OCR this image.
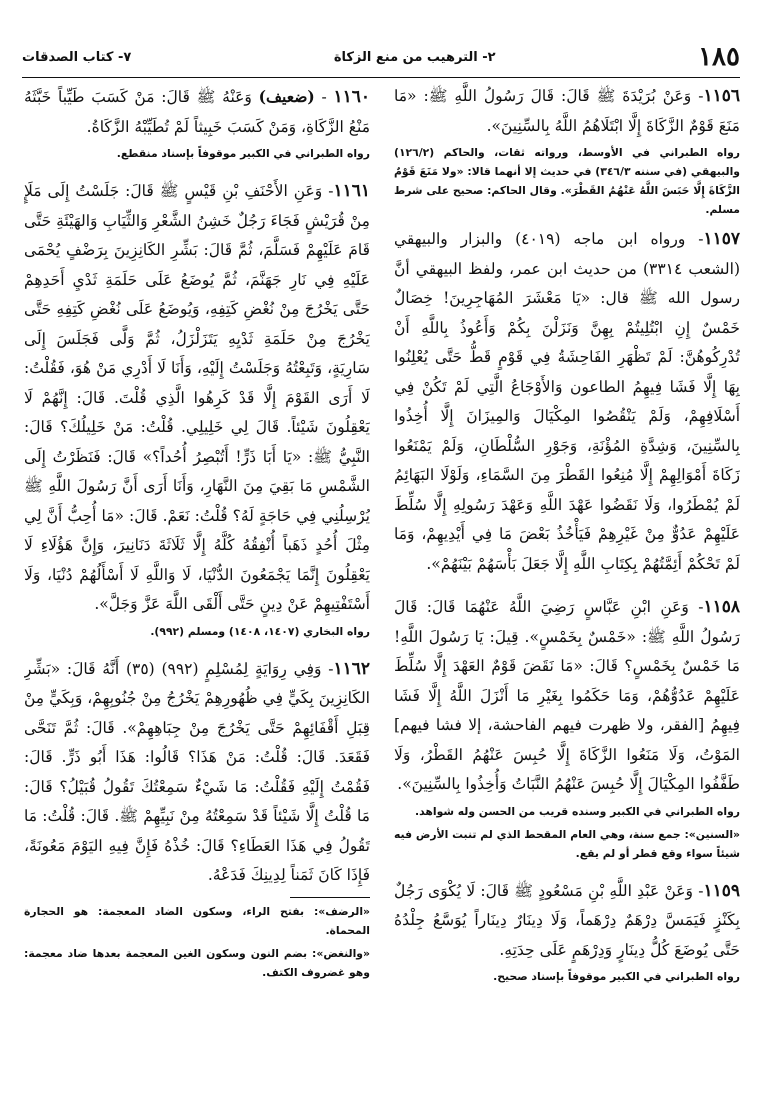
١٨٥
٢- الترهيب من منع الزكاة
٧- كتاب الصدقات

١١٥٦- وَعَنْ بُرَيْدَةَ ﷺ قَالَ: قَالَ رَسُولُ اللَّهِ ﷺ: «مَا مَنَعَ قَوْمٌ الزَّكَاةَ إِلَّا ابْتَلَاهُمُ اللَّهُ بِالسِّنِينَ».

رواه الطبراني في الأوسط، ورواته ثقات، والحاكم (١٢٦/٢) والبيهقي (في سننه ٣٤٦/٣) في حديث إلا أنهما قالا: «ولا مَنَعَ قَوْمٌ الزَّكَاةَ إِلَّا حَبَسَ اللَّهُ عَنْهُمُ القَطْرَ». وقال الحاكم: صحيح على شرط مسلم.

١١٥٧- ورواه ابن ماجه (٤٠١٩) والبزار والبيهقي (الشعب ٣٣١٤) من حديث ابن عمر، ولفظ البيهقي أنَّ رسول الله ﷺ قال: «يَا مَعْشَرَ المُهَاجِرِينَ! خِصَالٌ خَمْسٌ إِنِ ابْتُلِيتُمْ بِهِنَّ وَنَزَلْنَ بِكُمْ وَأَعُوذُ بِاللَّهِ أَنْ تُدْرِكُوهُنَّ: لَمْ تَظْهَرِ الفَاحِشَةُ فِي قَوْمٍ قَطُّ حَتَّى يُعْلِنُوا بِهَا إِلَّا فَشَا فِيهِمُ الطاعون وَالأَوْجَاعُ الَّتِي لَمْ تَكُنْ فِي أَسْلَافِهِمْ، وَلَمْ يَنْقُصُوا المِكْيَالَ وَالمِيزَانَ إِلَّا أُخِذُوا بِالسِّنِينَ، وَشِدَّةِ المُؤْنَةِ، وَجَوْرِ السُّلْطَانِ، وَلَمْ يَمْنَعُوا زَكَاةَ أَمْوَالِهِمْ إِلَّا مُنِعُوا القَطْرَ مِنَ السَّمَاءِ، وَلَوْلَا البَهَائِمُ لَمْ يُمْطَرُوا، وَلَا نَقَضُوا عَهْدَ اللَّهِ وَعَهْدَ رَسُولِهِ إِلَّا سُلِّطَ عَلَيْهِمْ عَدُوٌّ مِنْ غَيْرِهِمْ فَيَأْخُذُ بَعْضَ مَا فِي أَيْدِيهِمْ، وَمَا لَمْ تَحْكُمْ أَئِمَّتُهُمْ بِكِتَابِ اللَّهِ إِلَّا جَعَلَ بَأْسَهُمْ بَيْنَهُمْ».

١١٥٨- وَعَنِ ابْنِ عَبَّاسٍ رَضِيَ اللَّهُ عَنْهُمَا قَالَ: قَالَ رَسُولُ اللَّهِ ﷺ: «خَمْسٌ بِخَمْسٍ». قِيلَ: يَا رَسُولَ اللَّهِ! مَا خَمْسٌ بِخَمْسٍ؟ قَالَ: «مَا نَقَضَ قَوْمٌ العَهْدَ إِلَّا سُلِّطَ عَلَيْهِمْ عَدُوُّهُمْ، وَمَا حَكَمُوا بِغَيْرِ مَا أَنْزَلَ اللَّهُ إِلَّا فَشَا فِيهِمُ [الفقر، ولا ظهرت فيهم الفاحشة، إلا فشا فيهم] المَوْتُ، وَلَا مَنَعُوا الزَّكَاةَ إِلَّا حُبِسَ عَنْهُمُ القَطْرُ، وَلَا طَفَّفُوا المِكْيَالَ إِلَّا حُبِسَ عَنْهُمُ النَّبَاتُ وَأُخِذُوا بِالسِّنِينَ».

رواه الطبراني في الكبير وسنده قريب من الحسن وله شواهد.

«السنين»: جمع سنة، وهي العام المقحط الذي لم تنبت الأرض فيه شيئاً سواء وقع قطر أو لم يقع.

١١٥٩- وَعَنْ عَبْدِ اللَّهِ بْنِ مَسْعُودٍ ﷺ قَالَ: لَا يُكْوَى رَجُلٌ بِكَنْزٍ فَيَمَسَّ دِرْهَمٌ دِرْهَماً، وَلَا دِينَارٌ دِينَاراً يُوَسَّعُ جِلْدُهُ حَتَّى يُوضَعَ كُلُّ دِينَارٍ وَدِرْهَمٍ عَلَى حِدَتِهِ.

رواه الطبراني في الكبير موقوفاً بإسناد صحيح.

١١٦٠ - (ضعيف) وَعَنْهُ ﷺ قَالَ: مَنْ كَسَبَ طَيِّباً خَبَّثَهُ مَنْعُ الزَّكَاةِ، وَمَنْ كَسَبَ خَبِيثاً لَمْ تُطَيِّبْهُ الزَّكَاةُ.

رواه الطبراني في الكبير موقوفاً بإسناد منقطع.

١١٦١- وَعَنِ الأَحْنَفِ بْنِ قَيْسٍ ﷺ قَالَ: جَلَسْتُ إِلَى مَلَإٍ مِنْ قُرَيْشٍ فَجَاءَ رَجُلٌ خَشِنُ الشَّعْرِ وَالثِّيَابِ وَالهَيْئَةِ حَتَّى قَامَ عَلَيْهِمْ فَسَلَّمَ، ثُمَّ قَالَ: بَشِّرِ الكَانِزِينَ بِرَضْفٍ يُحْمَى عَلَيْهِ فِي نَارِ جَهَنَّمَ، ثُمَّ يُوضَعُ عَلَى حَلَمَةِ ثَدْيِ أَحَدِهِمْ حَتَّى يَخْرُجَ مِنْ نُغْضِ كَتِفِهِ، وَيُوضَعُ عَلَى نُغْضِ كَتِفِهِ حَتَّى يَخْرُجَ مِنْ حَلَمَةِ ثَدْيِهِ يَتَزَلْزَلُ، ثُمَّ وَلَّى فَجَلَسَ إِلَى سَارِيَةٍ، وَتَبِعْتُهُ وَجَلَسْتُ إِلَيْهِ، وَأَنَا لَا أَدْرِي مَنْ هُوَ، فَقُلْتُ: لَا أَرَى القَوْمَ إِلَّا قَدْ كَرِهُوا الَّذِي قُلْتَ. قَالَ: إِنَّهُمْ لَا يَعْقِلُونَ شَيْئاً. قَالَ لِي خَلِيلِي. قُلْتُ: مَنْ خَلِيلُكَ؟ قَالَ: النَّبِيُّ ﷺ: «يَا أَبَا ذَرٍّ! أَتُبْصِرُ أُحُداً؟» قَالَ: فَنَظَرْتُ إِلَى الشَّمْسِ مَا بَقِيَ مِنَ النَّهَارِ، وَأَنَا أَرَى أَنَّ رَسُولَ اللَّهِ ﷺ يُرْسِلُنِي فِي حَاجَةٍ لَهُ؟ قُلْتُ: نَعَمْ. قَالَ: «مَا أُحِبُّ أَنَّ لِي مِثْلَ أُحُدٍ ذَهَباً أُنْفِقُهُ كُلَّهُ إِلَّا ثَلَاثَةَ دَنَانِيرَ، وَإِنَّ هَؤُلَاءِ لَا يَعْقِلُونَ إِنَّمَا يَجْمَعُونَ الدُّنْيَا، لَا وَاللَّهِ لَا أَسْأَلُهُمْ دُنْيَا، وَلَا أَسْتَفْتِيهِمْ عَنْ دِينٍ حَتَّى أَلْقَى اللَّهَ عَزَّ وَجَلَّ».

رواه البخاري (١٤٠٧، ١٤٠٨) ومسلم (٩٩٢).

١١٦٢- وَفِي رِوَايَةٍ لِمُسْلِمٍ (٩٩٢) (٣٥) أَنَّهُ قَالَ: «بَشِّرِ الكَانِزِينَ بِكَيٍّ فِي ظُهُورِهِمْ يَخْرُجُ مِنْ جُنُوبِهِمْ، وَبِكَيٍّ مِنْ قِبَلِ أَقْفَائِهِمْ حَتَّى يَخْرُجَ مِنْ جِبَاهِهِمْ». قَالَ: ثُمَّ تَنَحَّى فَقَعَدَ. قَالَ: قُلْتُ: مَنْ هَذَا؟ قَالُوا: هَذَا أَبُو ذَرٍّ. قَالَ: فَقُمْتُ إِلَيْهِ فَقُلْتُ: مَا شَيْءٌ سَمِعْتُكَ تَقُولُ قُبَيْلُ؟ قَالَ: مَا قُلْتُ إِلَّا شَيْئاً قَدْ سَمِعْتُهُ مِنْ نَبِيِّهِمْ ﷺ. قَالَ: قُلْتُ: مَا تَقُولُ فِي هَذَا العَطَاءِ؟ قَالَ: خُذْهُ فَإِنَّ فِيهِ اليَوْمَ مَعُونَةً، فَإِذَا كَانَ ثَمَناً لِدِينِكَ فَدَعْهُ.

«الرضف»: بفتح الراء، وسكون الضاد المعجمة: هو الحجارة المحماة.

«والنغض»: بضم النون وسكون الغين المعجمة بعدها ضاد معجمة: وهو غضروف الكتف.
